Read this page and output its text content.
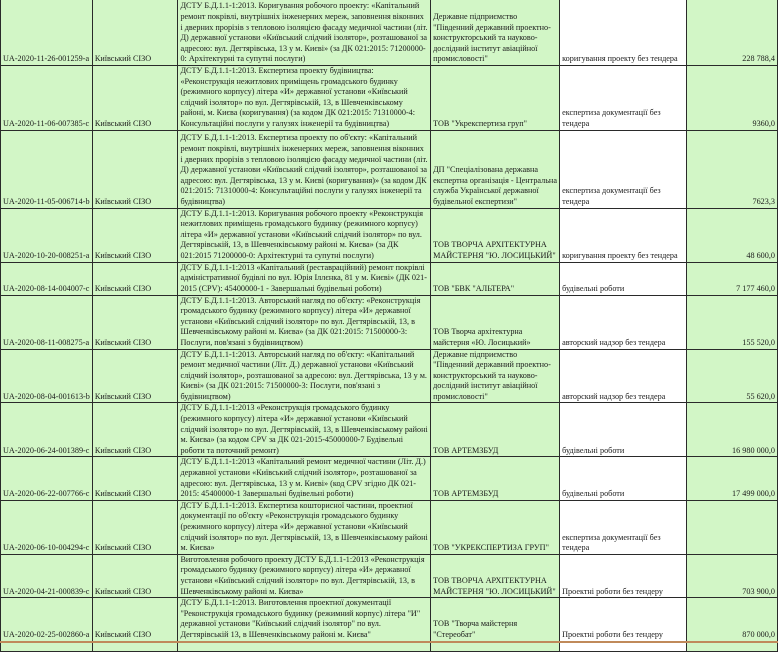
UA-2020-11-26-001259-a	Київський СІЗО	ДСТУ Б.Д.1.1-1:2013. Коригування робочого проекту: «Капітальний ремонт покрівлі, внутрішніх інженерних мереж, заповнення віконних і дверних прорізів з тепловою ізоляцією фасаду медичної частини (літ. Д) державної установи «Київський слідчий ізолятор», розташованої за адресою: вул. Дегтярівська, 13 у м. Києві» (за ДК 021:2015: 71200000-0: Архітектурні та супутні послуги)	Державне підприємство "Південний державний проектно-конструкторський та науково-дослідний інститут авіаційної промисловості"	коригування проекту без тендера	228 788,4
UA-2020-11-06-007385-c	Київський СІЗО	ДСТУ Б.Д.1.1-1:2013. Експертиза проекту будівництва: «Реконструкція нежитлових приміщень громадського будинку (режимного корпусу) літера «И» державної установи «Київський слідчий ізолятор» по вул. Дегтярівській, 13, в Шевченківському районі, м. Києва (коригування) (за кодом ДК 021:2015: 71310000-4: Консультаційні послуги у галузях інженерії та будівництва)	ТОВ "Укрекспертиза груп"	експертиза документації без тендера	9360,0
UA-2020-11-05-006714-b	Київський СІЗО	ДСТУ Б.Д.1.1-1:2013. Експертиза проекту по об'єкту: «Капітальний ремонт покрівлі, внутрішніх інженерних мереж, заповнення віконних і дверних прорізів з тепловою ізоляцією фасаду медичної частини (літ. Д) державної установи «Київський слідчий ізолятор», розташованої за адресою: вул. Дегтярівська, 13 у м. Києві (коригування)» (за кодом ДК 021:2015: 71310000-4: Консультаційні послуги у галузях інженерії та будівництва)	ДП "Спеціалізована державна експертна організація - Центральна служба Української державної будівельної експертизи"	експертиза документації без тендера	7623,3
UA-2020-10-20-008251-a	Київський СІЗО	ДСТУ Б.Д.1.1-1:2013. Коригування робочого проекту «Реконструкція нежитлових приміщень громадського будинку (режимного корпусу) літера «И» державної установи «Київський слідчий ізолятор» по вул. Дегтярівській, 13, в Шевченківському районі м. Києва» (за ДК 021:2015 71200000-0: Архітектурні та супутні послуги)	ТОВ ТВОРЧА АРХІТЕКТУРНА МАЙСТЕРНЯ "Ю. ЛОСИЦЬКИЙ"	коригування проекту без тендера	48 600,0
UA-2020-08-14-004007-c	Київський СІЗО	ДСТУ Б.Д.1.1-1:2013 «Капітальний (реставраційний) ремонт покрівлі адміністративної будівлі по вул. Юрія Іллєнка, 81 у м. Києві» (ДК 021-2015 (CPV): 45400000-1 - Завершальні будівельні роботи)	ТОВ "БВК "АЛЬТЕРА"	будівельні роботи	7 177 460,0
UA-2020-08-11-008275-a	Київський СІЗО	ДСТУ Б.Д.1.1-1:2013. Авторський нагляд по об'єкту: «Реконструкція громадського будинку (режимного корпусу) літера «И» державної установи «Київський слідчий ізолятор» по вул. Дегтярівській, 13, в Шевченківському районі м. Києва» (за ДК 021:2015: 71500000-3: Послуги, пов'язані з будівництвом)	ТОВ Творча архітектурна майстерня «Ю. Лосицький»	авторский надзор без тендера	155 520,0
UA-2020-08-04-001613-b	Київський СІЗО	ДСТУ Б.Д.1.1-1:2013. Авторський нагляд по об'єкту: «Капітальний ремонт медичної частини (Літ. Д.) державної установи «Київський слідчий ізолятор», розташованої за адресою: вул. Дегтярівська, 13 у м. Києві» (за ДК 021:2015: 71500000-3: Послуги, пов'язані з будівництвом)	Державне підприємство "Південний державний проектно-конструкторський та науково-дослідний інститут авіаційної промисловості"	авторский надзор без тендера	55 620,0
UA-2020-06-24-001389-c	Київський СІЗО	ДСТУ Б.Д.1.1-1:2013 «Реконструкція громадського будинку (режимного корпусу) літера «И» державної установи «Київський слідчий ізолятор» по вул. Дегтярівській, 13, в Шевченківському районі м. Києва» (за кодом CPV за ДК 021-2015-45000000-7 Будівельні роботи та поточний ремонт)	ТОВ АРТЕМЗБУД	будівельні роботи	16 980 000,0
UA-2020-06-22-007766-c	Київський СІЗО	ДСТУ Б.Д.1.1-1:2013 «Капітальний ремонт медичної частини (Літ. Д.) державної установи «Київський слідчий ізолятор», розташованої за адресою: вул. Дегтярівська, 13 у м. Києві» (код CPV згідно ДК 021-2015: 45400000-1 Завершальні будівельні роботи)	ТОВ АРТЕМЗБУД	будівельні роботи	17 499 000,0
UA-2020-06-10-004294-c	Київський СІЗО	ДСТУ Б.Д.1.1-1:2013. Експертиза кошторисної частини, проектної документації по об'єкту «Реконструкція громадського будинку (режимного корпусу) літера «И» державної установи «Київський слідчий ізолятор» по вул. Дегтярівській, 13, в Шевченківському районі м. Києва»	ТОВ "УКРЕКСПЕРТИЗА ГРУП"	експертиза документації без тендера	
UA-2020-04-21-000839-c	Київський СІЗО	Виготовлення робочого проекту ДСТУ Б.Д.1.1-1:2013 «Реконструкція громадського будинку (режимного корпусу) літера «И» державної установи «Київський слідчий ізолятор» по вул. Дегтярівській, 13, в Шевченківському районі м. Києва»	ТОВ ТВОРЧА АРХІТЕКТУРНА МАЙСТЕРНЯ "Ю. ЛОСИЦЬКИЙ"	Проектні роботи без тендеру	703 900,0
UA-2020-02-25-002860-a	Київський СІЗО	ДСТУ Б.Д.1.1-1:2013. Виготовлення проектної документації "Реконструкція громадського будинку (режимний корпус) літера "И" державної установи "Київський слідчий ізолятор" по вул. Дегтярівській 13, в Шевченківському районі м. Києва"	ТОВ "Творча майстерня "Стереобат"	Проектні роботи без тендеру	870 000,0
